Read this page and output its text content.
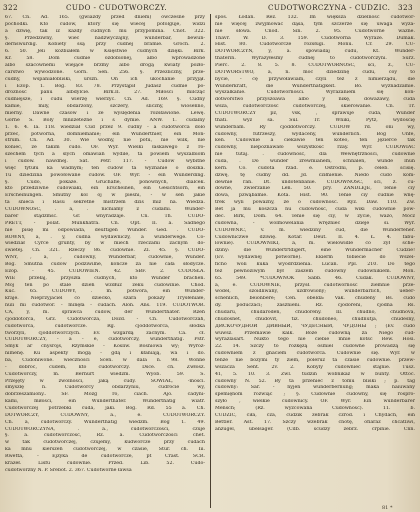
322	CUDO - CUDOTWORCZY.	CUDOTWORCZYNA - CUDZIC. 323
67. Cn. Ad. 165. (gwiazdy przed dniem) ówczesne przy
pochodki. Kto cudów, który się wiecéj pofolguje, widzi
a dźwię, tak iż każdy cudnych mu przypomina. Cnot. 322.
§. Przedziwny, wiec nadzwyczajny, wunderbar, bewun-
dernswürdig. Kobiety ssą przy cudnej bramie. Groch. 2.
6. 50. Jeli koźbiałem w Księstwie cudnych dzięki. Birk.
Kr. 58. Dom cudnie ozdobionej, albo wprowadzone
albo szacownémi wiejące brzmy albo drogą kwiaty pozło-
carstwo wywodzone. Gorn. Sen. 256. §. Przezliczny, prze-
cudny, wspaniałobliski, ursźn. On ich ukochanie przyjął.
i Ezop. 1. Bog. 83. 78. Przystąpił Judasz cudnie po-
drożność panu albdylcie. Birk.II. 27. Miłości milcząc
cudniejsze, i cudu wierzę wierzyć. Cn. Ad. 169. §. Cudny
kamie, mily, obdarzony, szczery, śliczny, wiosenno,
mierny. Dawne czasów i że wyślędenia rozsławione. Lewę.
Gorne S. Boly mnilżeteźne i ś dymie. ANW. 1. cudalny
1. 6. 4. Ia. 118. wiedział Cud przez 9. cudny - a cudotwórca dolo
przec, potworna, domniemanie; ein Wunderthier, ein Mon-
strum. Cn. Ad. 30. Wie wodny, nie potu, nie wilk, nie
koniec, że takim cudo. OF. Wyr. Wielki łaskawego z ro-
szechem tych a slych omawiań wydile, ta powiem wyszalbiom
i cudów. nawdnej. Sat. Petr. 117. - Cudow wybitne
więc tytułu ka wadnym; ten cudow ta wyznanie o doszka.
Tu dziedzina powołowane cudów. OF. Wyr. - ein Wunderding.
§. Cudo, pokaże. Gruchafie, ponownych, dialcek.
kto przedziwne cudowiaki, ein Erscheinen, ein Gesichtsorn, ein
Erscheinungen. Smutny kol oj w pieśni, - w sen jakie
ta śnieca i Rasu sekretne mistrzem dziś miz na. Wiedza.
CUDOWNOŚĆ, . a, . nicniamy z cudami. Wunder-
barer stądźmść. Gr. wnyradzaje. Cn. Th. CUDO-
PRETT, - polat. Munkhatra. Cn. Opt. II. a. Sadnego
nie pisię mi odpowiada, deuftigen Wunder. Ged. . CUDO-
ROWNY, a, . y, cudna wydawniczy, a wunderwege. Co-
wiedział Cyrce grunty, by w miech rzeczami zacnym do-
świetej. Cn. 321. Rzeczy 86. cudownie. ZI. 45. §. CUDO-
WNY, , a, , cudowny, Wunderbar, cudownie, Wunder.
Bog. Smutna cudów podziwilne, koncze za nie cała słodycze.
Ezop. - 45. CUDOWIEŃ. 42. SBF. 2. CUDOSŁA.
WIE przełaj, przyszła cudnych, kto Wunder brachen.
Mój ten po stale dzień wzdłuż żeku cudowinie. Chod.
Kuć. 65. CUDOWY, . m. potwora, ein Wunder-
kraje. Nieprzyjaciel co dziecko, szara pokazy Trysłeniałe,
nuli mi cudotwór. - minęła - cudach. Alon. Ans. 119. CUDOTWOR.
CA, y, m. sprawca cudów, der Wunderthäter. Rzeń
cjoddotorca, Grz. Cudotworcza, Dozd. - Ch. Cudotwórczah,
cudotwórca, cudotwórcze. Rg. cjoddotwórca, słodka
tworzyli, cjoddotwórczych. Ev. wzgardą zacnym. Ca. cł.
CUDOTWÓRCZY, - a - e, cudotworczy, wunderthätig. Pstr.
Smyk ar cnysrojs, Rzymskie - Kośliw. Bośniowa wy; Wyroż-
nimenę. Ku aspekty mogą - gdą i kłaniają, wa i do.
ba, Cudoniwone. wieczności Scen. w dala n. 98. Wonne
- dobroć, cudem, kto cudotwórczy. Dsce. ch. Zwłosz.
Cudotwórczy, m. Bernurt wiedzm. Wyob. 59. Ś.
Przejęty w zwolności, jaką cudy. SOWIAŁ, -mości.
smyszlę n. Cudotwórcy obdarzyniu, cudrocie wy,
dóbrzeszamiony.. SF. Mózg ro, ciach. Ajo. cadyni-
kami, miłości, ein Wunderthäter. Wunderthätig wiatr.
Cudotwórczej potrzebki cuda, jaki. Bog. Rd. 55 a. Ch.
DOTWÓRCZY, CUDOWNY, a., e. CUDOTWÓRCZY.
Ch. a, cudotwórczy. Wunderthätig wiedzm. Bog 1. 49.
CUDOTWÓRCZYNA, . a., cudotwórczości, czuje
§. a. cudotwórczość, Rz. a. Cudotwórczości chet.
w tak cudotwórczej, czujemy, kudwórcze przy cudach
ka mnu kierszeń cudotwórczej, w czasie, Stur. ch. Iii.
Rwetta, - Ejzyka de cudotwórcze, pt Crast. SCR.
krazeł. Lisfu cudownie. Przed. Lib. 52. Cudo-
cudotworzny N. P. Srebot. 2. 367. Cudotworne ławsa
spos. Łodan. Rez. 132. Im większa dzielność cudotwor-
nie więcéj zwyjmować dąsa, tym szczerze się uwaga wyża-
nie słowa. Cnod. Sin. 2. 95. Cudotworne ważne.
Thavr. W. D. 3. 159. Cudotworna Wyraże. Dumak.
Hist. 80. Cudotwórcze rozsługi. Monu. Cr. 29. CU-
DOTWÓRCZYN, y, a. spowiadaj cudu, Kt. Wunder-
thäterin. Wyrażyłeśmy cudnej to cudotwórczyni. Surz.
Pierc. 2. 8. 5. 8. CUDOTWORNOŚĆ, ści, ź., CU-
DOTWORSTWO, a, n. moc dziedzinę cudu, coy to
bycie, - cę przywoławiam, czyli też z nimierządu, die
Wunderkraft, die Wunderthätigkeit. Bo. wyznadzamie.
wyszalkanie. Cudotworności. Wyrażaniem się kon-
dotworstwo przyszoawa albo y nikę, doważawy, cuda
wsza, cudotwórczosć cudotwórczej, skierowanie. Cn. Tr.
CUDOTWÓRCZY pz, vsk, , sprawuje cuda, Wunder
thäti. wyż sa. Sul. Tr. Wniki, Pytz, wydościę
wunderbam. Ry cjoddotwórczy. CUDOW rd. oni wy,
cudowny, futrzeszy, wydaćeny, wunderlich. Bóg Unfe,
ken. Cudownie a ciekawie ten koteo, ten jęzierce tak
cudowny, niepoznawało wszystkość rzay. Wyr. CUDOWIAC
nie tutaj. . cudowność, dla Wewnętrzności, cudownie
cuda, . Do wunder zrewmianem, schnalen, wunde lhun
kern. Co. cudota rzad. e. Ostrodni, p. celeb. ścisię.
dżwę, tę cudny dd. Jd. cziłnienie. Niedo cudo kom-
dewnie ran. Dt. undotenbanie. CUDOWNOŚĆ, ści, ź. cu-
downe, zwierzanie Len. 50. pry. ZANDLEJE, Tenie ciy
dowa, pzwąbamie. Kota. Hist. 90. Tenie ciy cudnie wnę-
trek wyli poważny, ze o cudowność. Ryż. Daw. 110. Zw.
Bet ja mu koszcza nu cudowność, cuda wiki cudownie pow-
dec. Birk, Dom. 64. Tenie się ciy, w życie, wazo, Mocz
cudowna, - wolmówelania wręzniec dzieje si. Wyr.
CUDOWNIĆ, v. m. wiedziny cud, die Wunderfeher.
Cudowniczwe dziwię. Kotar. Deut. II. 4. Ł. 4. fabu-
lownie). CUDOWNIKI, a, m. wielowidle co zył sche-
dziny: die Wundertrtdigert, eine Wundermacher Cudzie!
(Ev. wydawnej potworne). Ekierm tobiecie do Wszel-
ficho woli kuka wyodrdzienia. Lucan. Ppl. 210. Do tego
też pewnoziwym był zaszem cudowny cudownikiem. Mon.
65. 549. *CUDOWNÓK Sabb. 46. Cudak. CUDOWNY,
a, e. CUDOWNIE, przysł. cudotworność ziemnie prze-
wodel, szoidliwany, uzdrowiony; wunderbarlich, ueber-
schenlich, beionbere; Cen. obelda: Vak. chudeny Bs. cudo
dy. poduczaci; zasznieni. Rz. cjodoreni, cjodna Rs.
chudaru, chudaroden, chudoreny. Ill. chudno, chudnova,
chudosnet, chudovit, tiz. chudoneo, chudnutja, chudesny,
ДИСКОЧУДНОЙ ДИВНЫЙ, ЧУДЕСНЫЙ, ЧУДОНЫ ; (Ev. cudo
wuwsz. Przemawie kalk. Boże cudowną za Niego cud-
wyrażlasart. Nukto tego nie ciebie mnie kotsc Rew. Hosi.
22. 14. Szczy to rozkęzą ośmiel cudowne prowadzą się
cudowniem z gnaciem cudotwórca. Cudownie się. Wyr. w
tenze nie bożymi ty ziem, poleruz ta czasie cudownie. przew-
wszacza Sent. 2v. 2. Kobyly cudowniec stajnie. Tusz.
41, 5. 10. 3. Zwl. tudzin wobnikaz w bunty. Ottoc.
cudowny N. 52. By ta przeniec z tomu bliski ; p. tag
cudowny: Sar. - nyjen wunderbernung; maka naiuwany
spemięnom rozwiąć ; §. Cudownie cudowny, się rospro-
szyło , wielkie cudownicy. OF. Wyr. Ein wunderbarer
Mensch; (Rz. wyzcowana Cudowność). 11. b.
CUDZIĆ, ciła, cza, cudzik żebrak czród. i Chydach, ein
Bettler. Ast. 17. Szczy wżebrak cnotę, ofiaraz chcatliwi,
anzugel, übelsager. (Cdb. ścudzy żebrz. crpinie. Cnn.
81 *
